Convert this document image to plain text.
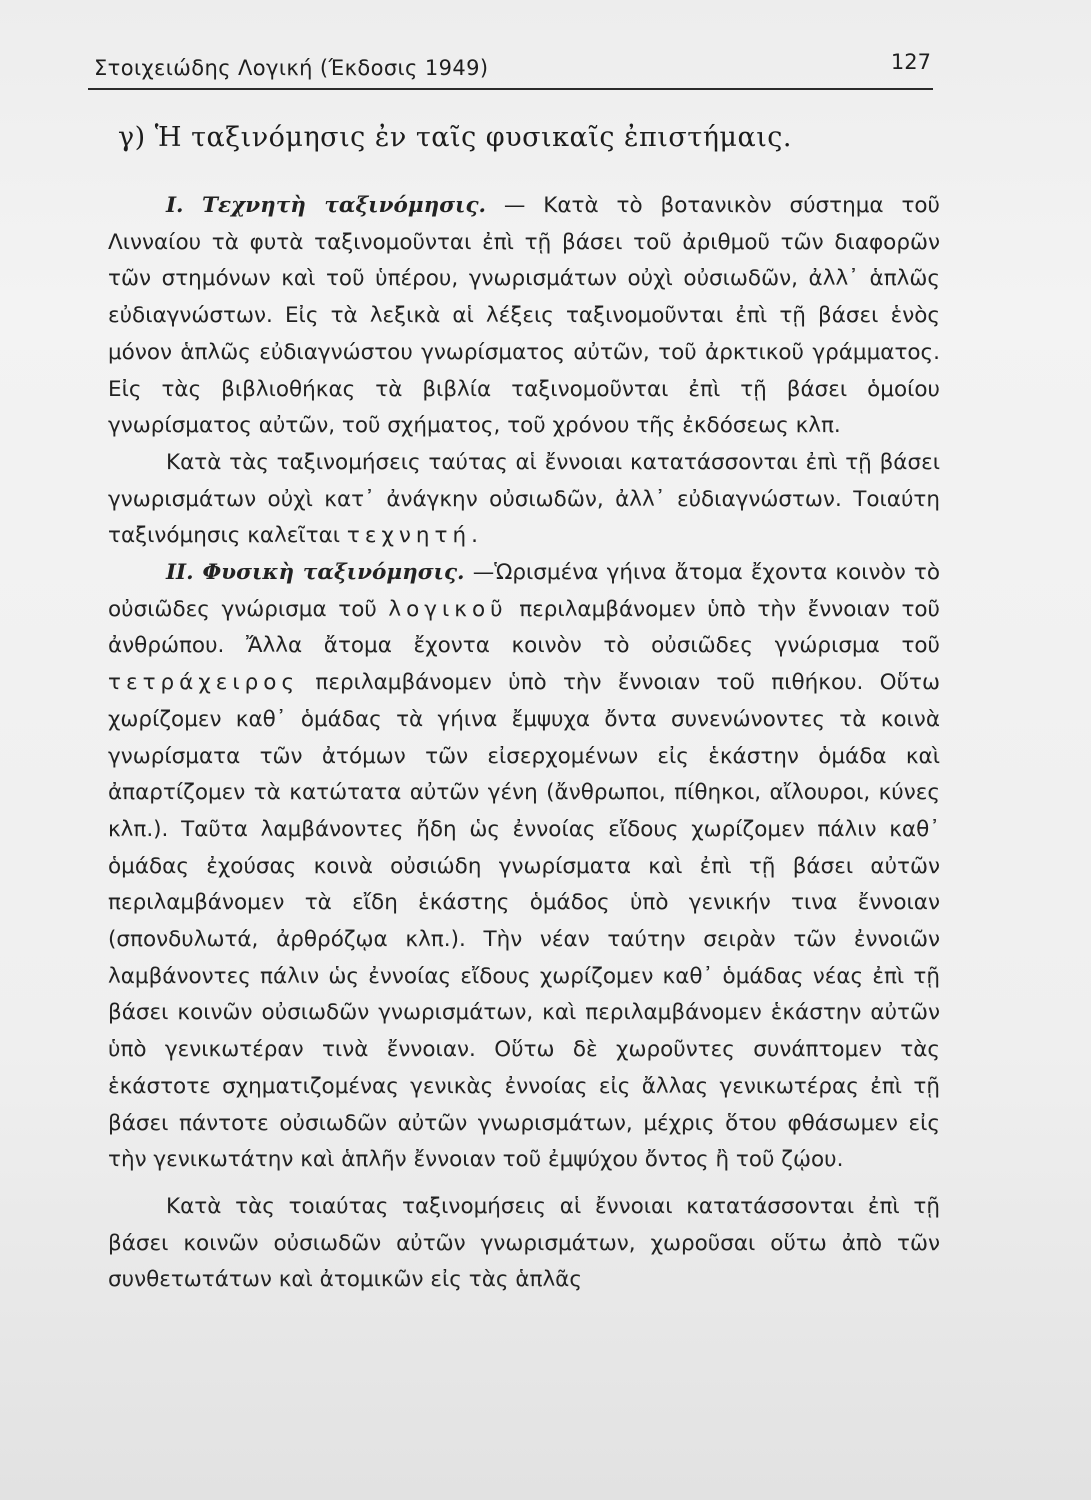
Στοιχειώδης Λογική (Έκδοσις 1949)	127
γ) Ἡ ταξινόμησις ἐν ταῖς φυσικαῖς ἐπιστήμαις.

Ι. Τεχνητὴ ταξινόμησις. — Κατὰ τὸ βοτανικὸν σύστημα τοῦ Λινναίου τὰ φυτὰ ταξινομοῦνται ἐπὶ τῇ βάσει τοῦ ἀριθμοῦ τῶν διαφορῶν τῶν στημόνων καὶ τοῦ ὑπέρου, γνωρισμάτων οὐχὶ οὐσιωδῶν, ἀλλ᾽ ἁπλῶς εὐδιαγνώστων. Εἰς τὰ λεξικὰ αἱ λέξεις ταξινομοῦνται ἐπὶ τῇ βάσει ἑνὸς μόνον ἁπλῶς εὐδιαγνώστου γνωρίσματος αὐτῶν, τοῦ ἀρκτικοῦ γράμματος. Εἰς τὰς βιβλιοθήκας τὰ βιβλία ταξινομοῦνται ἐπὶ τῇ βάσει ὁμοίου γνωρίσματος αὐτῶν, τοῦ σχήματος, τοῦ χρόνου τῆς ἐκδόσεως κλπ.

Κατὰ τὰς ταξινομήσεις ταύτας αἱ ἔννοιαι κατατάσσονται ἐπὶ τῇ βάσει γνωρισμάτων οὐχὶ κατ᾽ ἀνάγκην οὐσιωδῶν, ἀλλ᾽ εὐδιαγνώστων. Τοιαύτη ταξινόμησις καλεῖται τεχνητή.

ΙΙ. Φυσικὴ ταξινόμησις. —Ὡρισμένα γήινα ἄτομα ἔχοντα κοινὸν τὸ οὐσιῶδες γνώρισμα τοῦ λογικοῦ περιλαμβάνομεν ὑπὸ τὴν ἔννοιαν τοῦ ἀνθρώπου. Ἄλλα ἄτομα ἔχοντα κοινὸν τὸ οὐσιῶδες γνώρισμα τοῦ τετράχειρος περιλαμβάνομεν ὑπὸ τὴν ἔννοιαν τοῦ πιθήκου. Οὕτω χωρίζομεν καθ᾽ ὁμάδας τὰ γήινα ἔμψυχα ὄντα συνενώνοντες τὰ κοινὰ γνωρίσματα τῶν ἀτόμων τῶν εἰσερχομένων εἰς ἑκάστην ὁμάδα καὶ ἀπαρτίζομεν τὰ κατώτατα αὐτῶν γένη (ἄνθρωποι, πίθηκοι, αἴλουροι, κύνες κλπ.). Ταῦτα λαμβάνοντες ἤδη ὡς ἐννοίας εἴδους χωρίζομεν πάλιν καθ᾽ ὁμάδας ἐχούσας κοινὰ οὐσιώδη γνωρίσματα καὶ ἐπὶ τῇ βάσει αὐτῶν περιλαμβάνομεν τὰ εἴδη ἑκάστης ὁμάδος ὑπὸ γενικήν τινα ἔννοιαν (σπονδυλωτά, ἀρθρόζῳα κλπ.). Τὴν νέαν ταύτην σειρὰν τῶν ἐννοιῶν λαμβάνοντες πάλιν ὡς ἐννοίας εἴδους χωρίζομεν καθ᾽ ὁμάδας νέας ἐπὶ τῇ βάσει κοινῶν οὐσιωδῶν γνωρισμάτων, καὶ περιλαμβάνομεν ἑκάστην αὐτῶν ὑπὸ γενικωτέραν τινὰ ἔννοιαν. Οὕτω δὲ χωροῦντες συνάπτομεν τὰς ἑκάστοτε σχηματιζομένας γενικὰς ἐννοίας εἰς ἄλλας γενικωτέρας ἐπὶ τῇ βάσει πάντοτε οὐσιωδῶν αὐτῶν γνωρισμάτων, μέχρις ὅτου φθάσωμεν εἰς τὴν γενικωτάτην καὶ ἁπλῆν ἔννοιαν τοῦ ἐμψύχου ὄντος ἢ τοῦ ζῴου.

Κατὰ τὰς τοιαύτας ταξινομήσεις αἱ ἔννοιαι κατατάσσονται ἐπὶ τῇ βάσει κοινῶν οὐσιωδῶν αὐτῶν γνωρισμάτων, χωροῦσαι οὕτω ἀπὸ τῶν συνθετωτάτων καὶ ἀτομικῶν εἰς τὰς ἁπλᾶς
